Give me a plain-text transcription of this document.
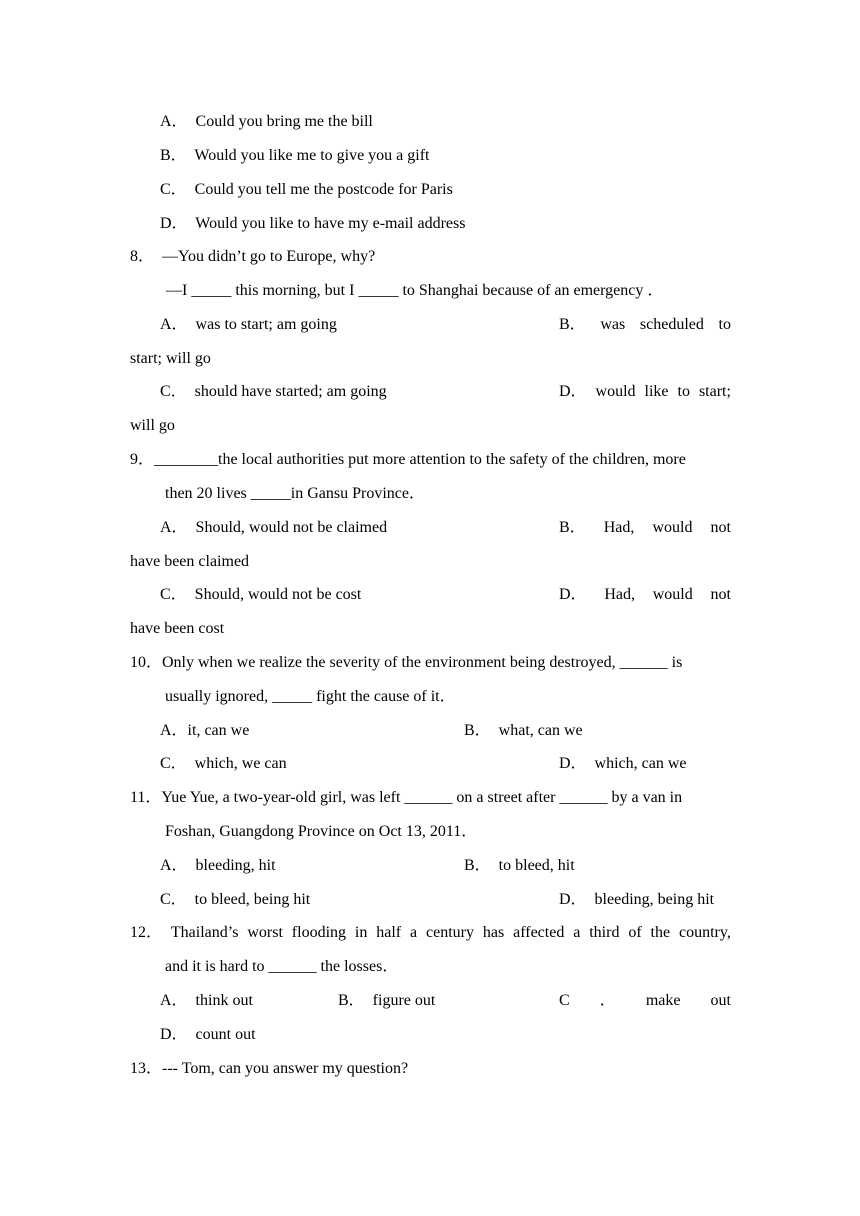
A．  Could you bring me the bill
B．  Would you like me to give you a gift
C．  Could you tell me the postcode for Paris
D．  Would you like to have my e-mail address
8．  —You didn’t go to Europe, why?
—I _____ this morning, but I _____ to Shanghai because of an emergency ．
A．  was to start; am going	B． was scheduled to
start; will go
C．  should have started; am going	D． would like to start;
will go
9．________the local authorities put more attention to the safety of the children, more
then 20 lives _____in Gansu Province．
A．  Should, would not be claimed	B． Had, would not
have been claimed
C．  Should, would not be cost	D． Had, would not
have been cost
10．Only when we realize the severity of the environment being destroyed, ______ is
usually ignored, _____ fight the cause of it．
A．it, can we	B．  what, can we
C．  which, we can	D．  which, can we
11．Yue Yue, a two-year-old girl, was left ______ on a street after ______ by a van in
Foshan, Guangdong Province on Oct 13, 2011．
A．  bleeding, hit	B．  to bleed, hit
C．  to bleed, being hit	D．  bleeding, being hit
12． Thailand’s worst flooding in half a century has affected a third of the country,
and it is hard to ______ the losses．
A．  think out	B．  figure out	C ． make out
D．  count out
13．--- Tom, can you answer my question?
